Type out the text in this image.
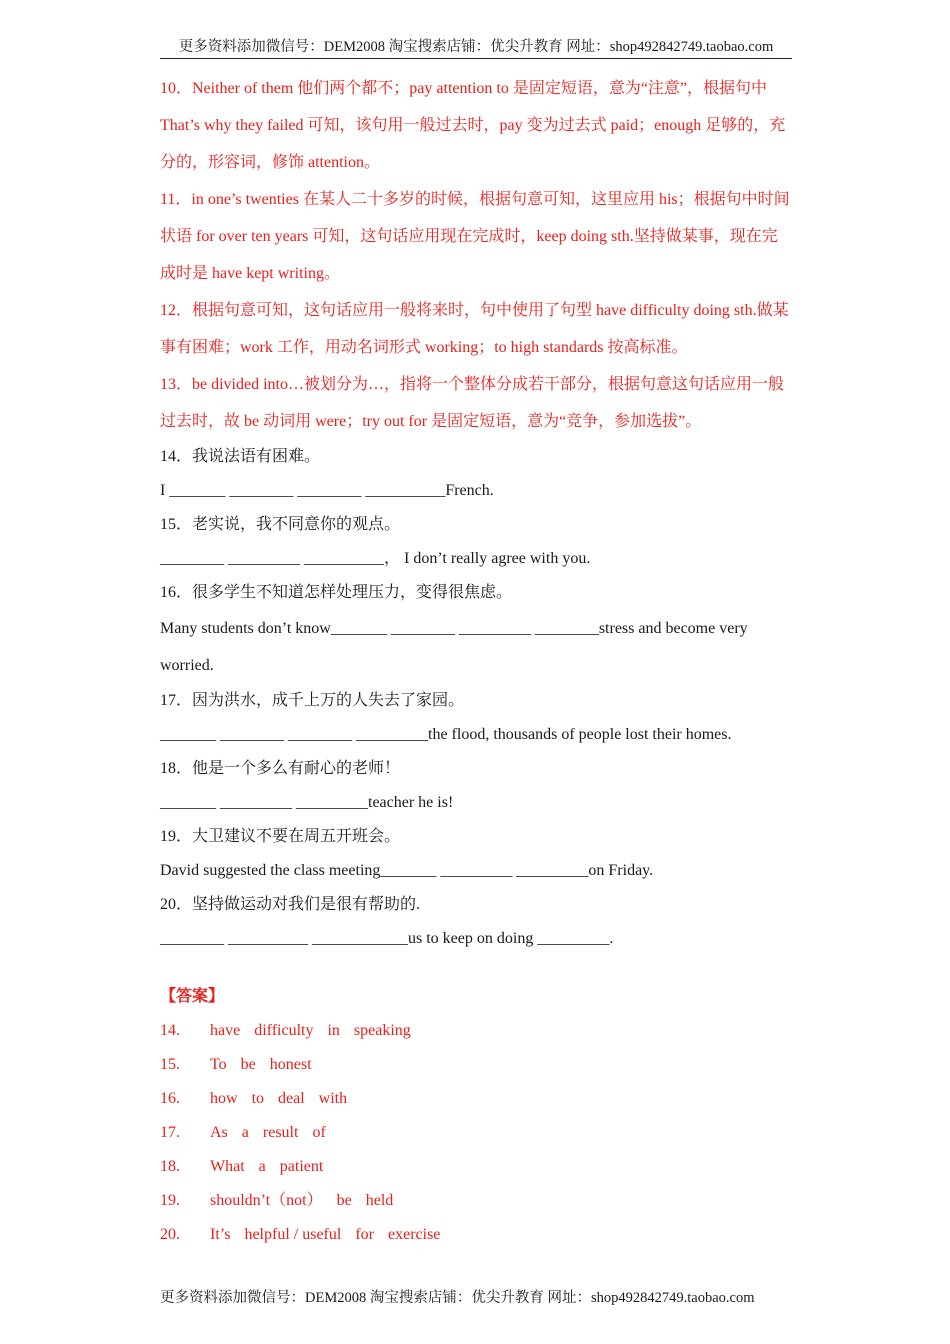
更多资料添加微信号：DEM2008 淘宝搜索店铺：优尖升教育 网址：shop492842749.taobao.com

10．Neither of them 他们两个都不；pay attention to 是固定短语，意为“注意”，根据句中 That’s why they failed 可知，该句用一般过去时，pay 变为过去式 paid；enough 足够的，充分的，形容词，修饰 attention。

11．in one’s twenties 在某人二十多岁的时候，根据句意可知，这里应用 his；根据句中时间状语 for over ten years 可知，这句话应用现在完成时，keep doing sth.坚持做某事，现在完成时是 have kept writing。

12．根据句意可知，这句话应用一般将来时，句中使用了句型 have difficulty doing sth.做某事有困难；work 工作，用动名词形式 working；to high standards 按高标准。

13．be divided into…被划分为…，指将一个整体分成若干部分，根据句意这句话应用一般过去时，故 be 动词用 were；try out for 是固定短语，意为“竞争，参加选拔”。

14．我说法语有困难。

I _______ ________ ________ __________French.

15．老实说，我不同意你的观点。

________ _________ __________， I don’t really agree with you.

16．很多学生不知道怎样处理压力，变得很焦虑。

Many students don’t know_______ ________ _________ ________stress and become very worried.

17．因为洪水，成千上万的人失去了家园。

_______ ________ ________ _________the flood, thousands of people lost their homes.

18．他是一个多么有耐心的老师！

_______ _________ _________teacher he is!

19．大卫建议不要在周五开班会。

David suggested the class meeting_______ _________ _________on Friday.

20．坚持做运动对我们是很有帮助的.

________ __________ ____________us to keep on doing _________.

【答案】
14. have difficulty in speaking
15. To be honest
16. how to deal with
17. As a result of
18. What a patient
19. shouldn’t（not） be held
20. It’s helpful / useful for exercise
更多资料添加微信号：DEM2008 淘宝搜索店铺：优尖升教育 网址：shop492842749.taobao.com
